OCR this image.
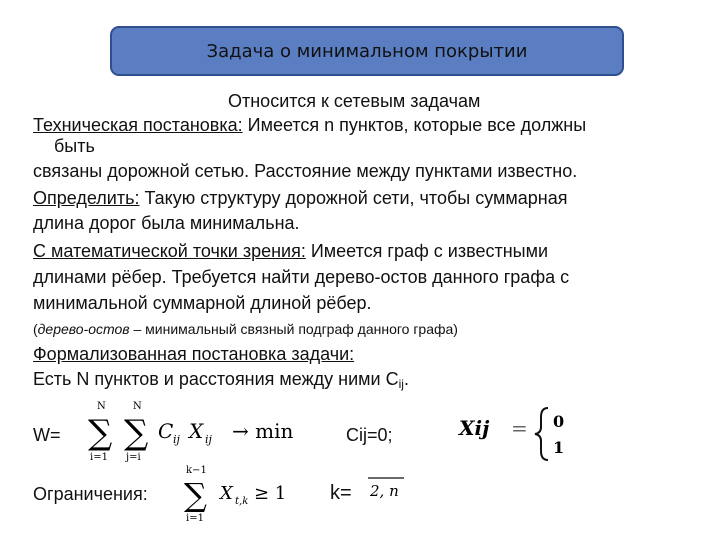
Задача о минимальном покрытии
Относится к сетевым задачам
Техническая постановка: Имеется n пунктов, которые все должны
быть
связаны дорожной сетью. Расстояние между пунктами известно.
Определить: Такую структуру дорожной сети, чтобы суммарная
длина дорог была минимальна.
С математической точки зрения: Имеется граф с известными
длинами рёбер. Требуется найти дерево-остов данного графа с
минимальной суммарной длиной рёбер.
(дерево-остов – минимальный связный подграф данного графа)
Формализованная постановка задачи:
Есть N пунктов и расстояния между ними $C_{ij}$.
W=
N
∑
i=1
N
∑
j=i
C ij X ij → min	Cij=0;	Xij = 0
1
Ограничения:
k−1
∑
i=1
X t,k ≥ 1 k= 2, n
